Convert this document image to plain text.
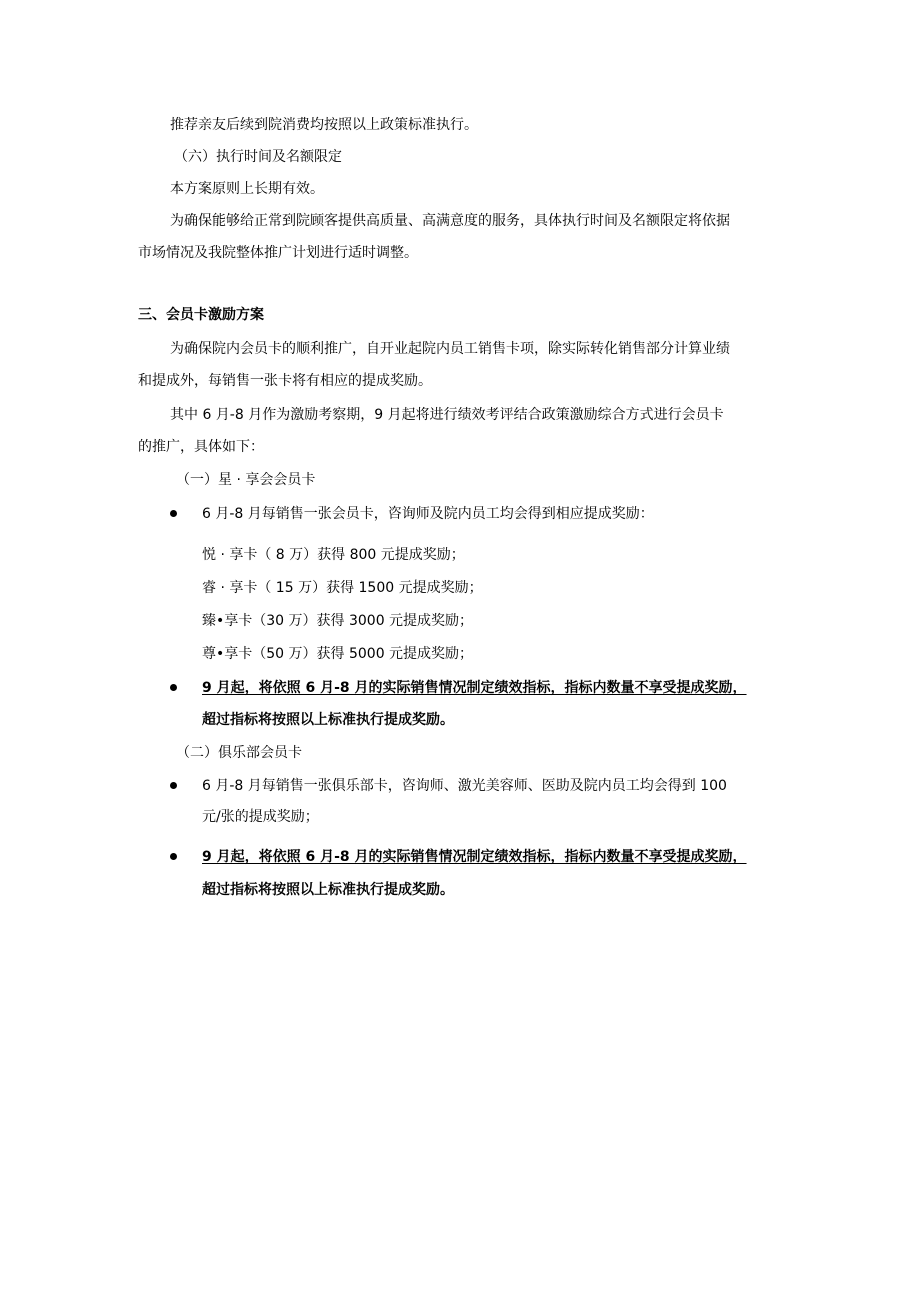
推荐亲友后续到院消费均按照以上政策标准执行。
（六）执行时间及名额限定
本方案原则上长期有效。
为确保能够给正常到院顾客提供高质量、高满意度的服务，具体执行时间及名额限定将依据
市场情况及我院整体推广计划进行适时调整。
三、会员卡激励方案
为确保院内会员卡的顺利推广，自开业起院内员工销售卡项，除实际转化销售部分计算业绩
和提成外，每销售一张卡将有相应的提成奖励。
其中 6 月-8 月作为激励考察期，9 月起将进行绩效考评结合政策激励综合方式进行会员卡
的推广，具体如下：
（一）星 · 享会会员卡
6 月-8 月每销售一张会员卡，咨询师及院内员工均会得到相应提成奖励：
悦 · 享卡（ 8 万）获得 800 元提成奖励；
睿 · 享卡（ 15 万）获得 1500 元提成奖励；
臻•享卡（30 万）获得 3000 元提成奖励；
尊•享卡（50 万）获得 5000 元提成奖励；
9 月起，将依照 6 月-8 月的实际销售情况制定绩效指标，指标内数量不享受提成奖励，
超过指标将按照以上标准执行提成奖励。
（二）俱乐部会员卡
6 月-8 月每销售一张俱乐部卡，咨询师、激光美容师、医助及院内员工均会得到 100
元/张的提成奖励；
9 月起，将依照 6 月-8 月的实际销售情况制定绩效指标，指标内数量不享受提成奖励，
超过指标将按照以上标准执行提成奖励。
